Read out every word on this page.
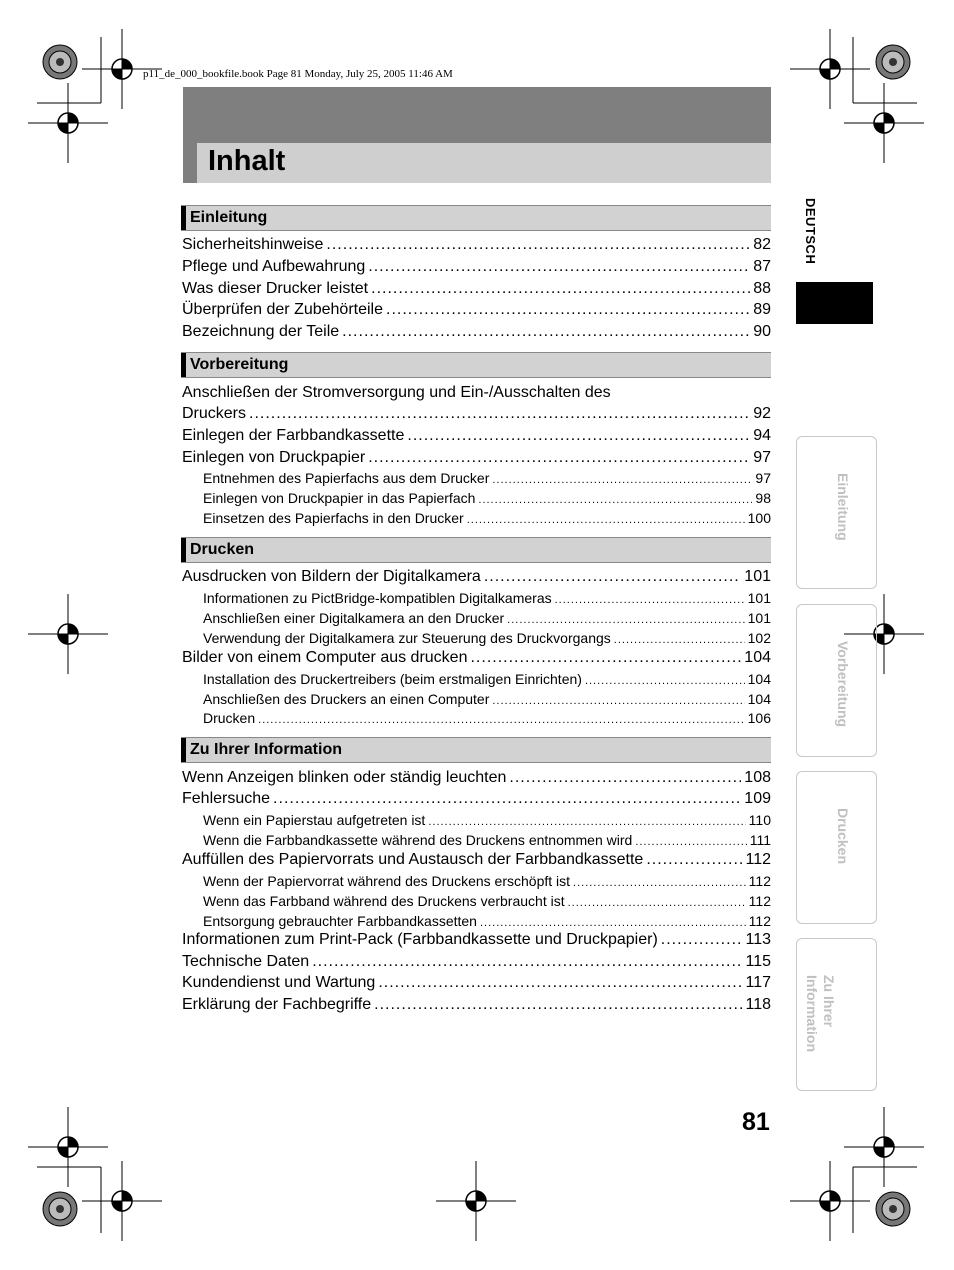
p11_de_000_bookfile.book Page 81 Monday, July 25, 2005 11:46 AM
Inhalt
Einleitung
Sicherheitshinweise .....	82
Pflege und Aufbewahrung .....	87
Was dieser Drucker leistet .....	88
Überprüfen der Zubehörteile .....	89
Bezeichnung der Teile .....	90
Vorbereitung
Anschließen der Stromversorgung und Ein-/Ausschalten des
Druckers .....	92
Einlegen der Farbbandkassette .....	94
Einlegen von Druckpapier .....	97
Entnehmen des Papierfachs aus dem Drucker .....	97
Einlegen von Druckpapier in das Papierfach .....	98
Einsetzen des Papierfachs in den Drucker .....	100
Drucken
Ausdrucken von Bildern der Digitalkamera .....	101
Informationen zu PictBridge-kompatiblen Digitalkameras .....	101
Anschließen einer Digitalkamera an den Drucker .....	101
Verwendung der Digitalkamera zur Steuerung des Druckvorgangs .....	102
Bilder von einem Computer aus drucken .....	104
Installation des Druckertreibers (beim erstmaligen Einrichten) .....	104
Anschließen des Druckers an einen Computer .....	104
Drucken .....	106
Zu Ihrer Information
Wenn Anzeigen blinken oder ständig leuchten .....	108
Fehlersuche .....	109
Wenn ein Papierstau aufgetreten ist .....	110
Wenn die Farbbandkassette während des Druckens entnommen wird .....	111
Auffüllen des Papiervorrats und Austausch der Farbbandkassette .....	112
Wenn der Papiervorrat während des Druckens erschöpft ist .....	112
Wenn das Farbband während des Druckens verbraucht ist .....	112
Entsorgung gebrauchter Farbbandkassetten .....	112
Informationen zum Print-Pack (Farbbandkassette und Druckpapier) .....	113
Technische Daten .....	115
Kundendienst und Wartung .....	117
Erklärung der Fachbegriffe .....	118
DEUTSCH
Einleitung
Vorbereitung
Drucken
Zu Ihrer Information
81
